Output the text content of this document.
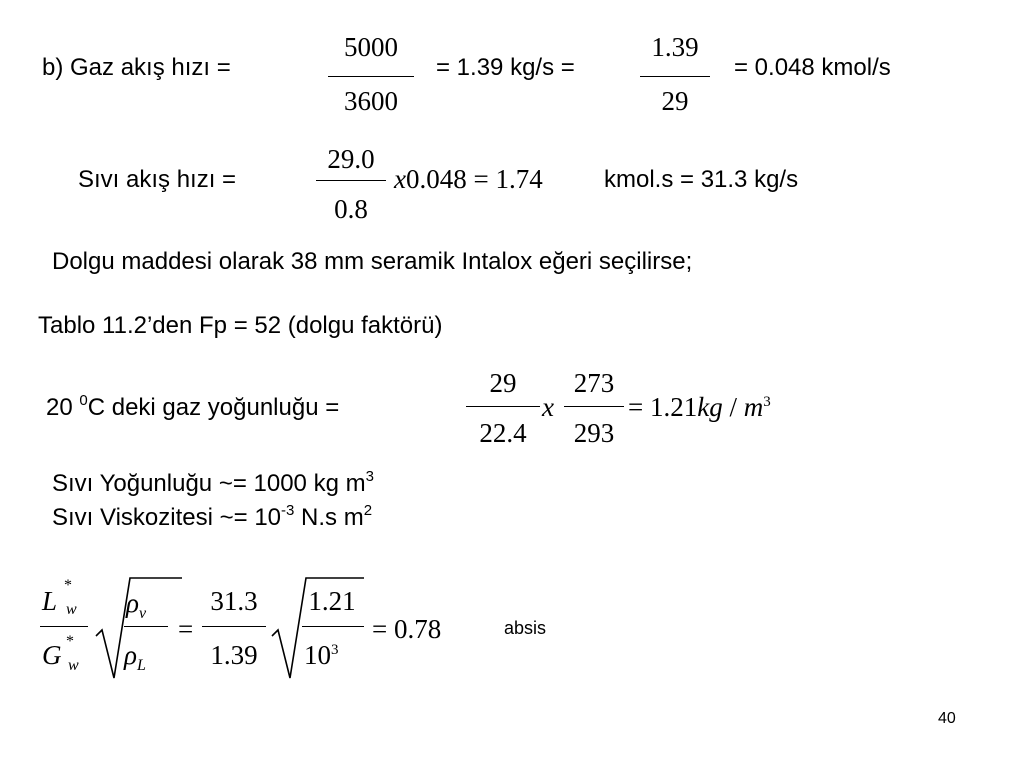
b) Gaz akış hızı =
5000
3600
= 1.39 kg/s =
1.39
29
= 0.048 kmol/s
Sıvı akış hızı =
29.0
0.8
x0.048 = 1.74	kmol.s = 31.3 kg/s
Dolgu maddesi olarak 38 mm seramik Intalox eğeri seçilirse;
Tablo 11.2’den Fp = 52 (dolgu faktörü)
20 $^0$C deki gaz yoğunluğu =
29
22.4
x
273
293
= $1.21kg / m^3$
Sıvı Yoğunluğu ~= 1000 kg $m^3$
Sıvı Viskozitesi ~= $10^{-3}$ N.s $m^2$
L
*
w
G *
w
$\rho_v$
$\rho_L$
=
31.3
1.39
1.21
$10^3$
= 0.78	absis
40
